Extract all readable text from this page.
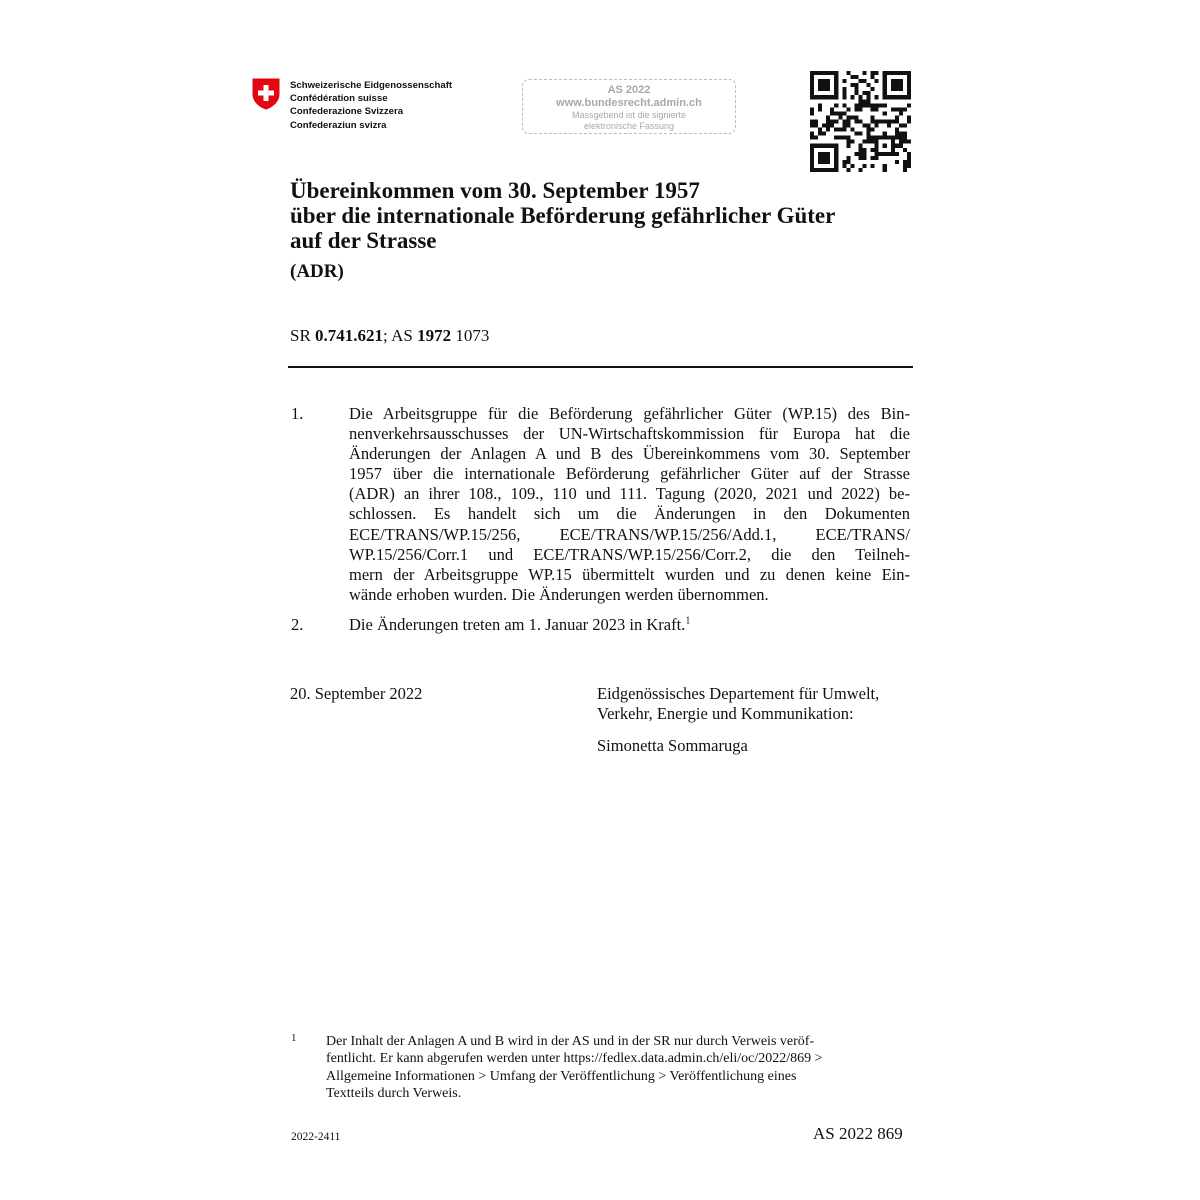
Schweizerische Eidgenossenschaft
Confédération suisse
Confederazione Svizzera
Confederaziun svizra
AS 2022
www.bundesrecht.admin.ch
Massgebend ist die signierte
elektronische Fassung
Übereinkommen vom 30. September 1957
über die internationale Beförderung gefährlicher Güter
auf der Strasse
(ADR)
SR 0.741.621; AS 1972 1073
1.	Die Arbeitsgruppe für die Beförderung gefährlicher Güter (WP.15) des Bin-
nenverkehrsausschusses der UN-Wirtschaftskommission für Europa hat die
Änderungen der Anlagen A und B des Übereinkommens vom 30. September
1957 über die internationale Beförderung gefährlicher Güter auf der Strasse
(ADR) an ihrer 108., 109., 110 und 111. Tagung (2020, 2021 und 2022) be-
schlossen. Es handelt sich um die Änderungen in den Dokumenten
ECE/TRANS/WP.15/256, ECE/TRANS/WP.15/256/Add.1, ECE/TRANS/
WP.15/256/Corr.1 und ECE/TRANS/WP.15/256/Corr.2, die den Teilneh-
mern der Arbeitsgruppe WP.15 übermittelt wurden und zu denen keine Ein-
wände erhoben wurden. Die Änderungen werden übernommen.
2.	Die Änderungen treten am 1. Januar 2023 in Kraft.$^1$
20. September 2022	Eidgenössisches Departement für Umwelt,
Verkehr, Energie und Kommunikation:
Simonetta Sommaruga
1 Der Inhalt der Anlagen A und B wird in der AS und in der SR nur durch Verweis veröf-
fentlicht. Er kann abgerufen werden unter https://fedlex.data.admin.ch/eli/oc/2022/869 >
Allgemeine Informationen > Umfang der Veröffentlichung > Veröffentlichung eines
Textteils durch Verweis.
2022-2411	AS 2022 869
